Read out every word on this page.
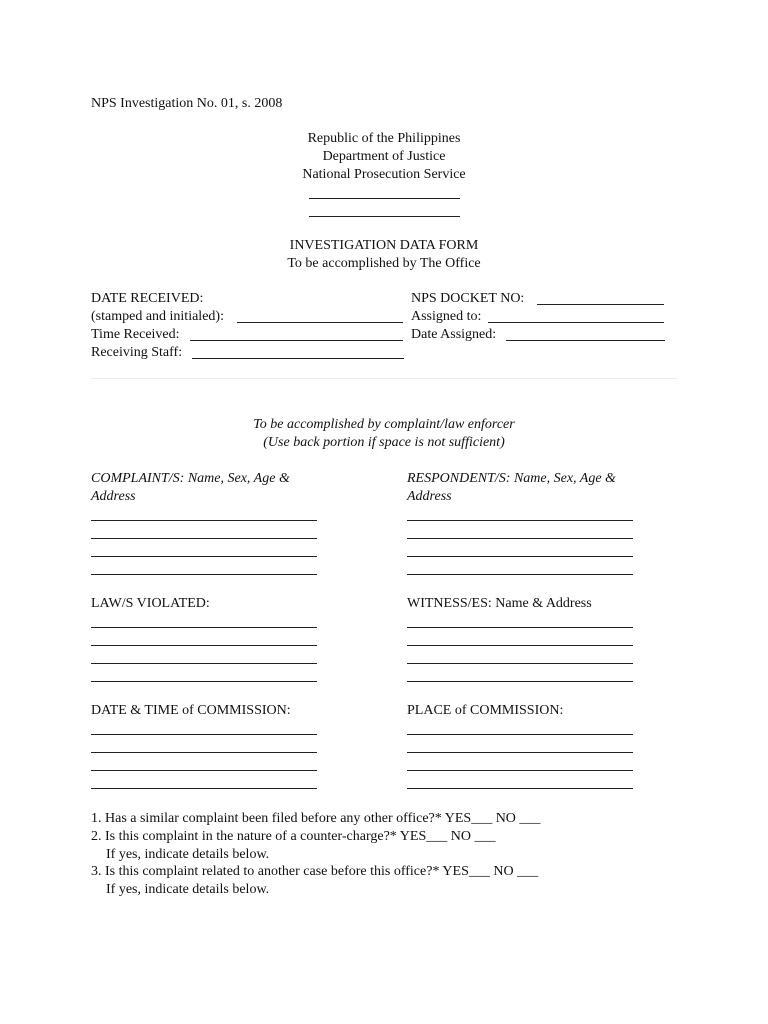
NPS Investigation No. 01, s. 2008
Republic of the Philippines
Department of Justice
National Prosecution Service
INVESTIGATION DATA FORM
To be accomplished by The Office
DATE RECEIVED:
(stamped and initialed):
Time Received:
Receiving Staff:
NPS DOCKET NO:
Assigned to:
Date Assigned:
To be accomplished by complaint/law enforcer
(Use back portion if space is not sufficient)
COMPLAINT/S: Name, Sex, Age &
Address
RESPONDENT/S: Name, Sex, Age &
Address
LAW/S VIOLATED:	WITNESS/ES: Name & Address
DATE & TIME of COMMISSION:	PLACE of COMMISSION:
1. Has a similar complaint been filed before any other office?* YES___ NO ___
2. Is this complaint in the nature of a counter-charge?* YES___ NO ___
If yes, indicate details below.
3. Is this complaint related to another case before this office?* YES___ NO ___
If yes, indicate details below.
